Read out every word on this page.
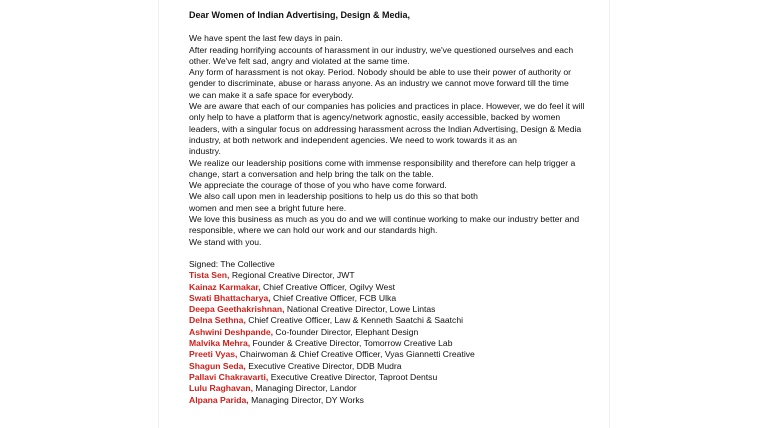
Dear Women of Indian Advertising, Design & Media,
We have spent the last few days in pain.
After reading horrifying accounts of harassment in our industry, we've questioned ourselves and each
other. We've felt sad, angry and violated at the same time.
Any form of harassment is not okay. Period. Nobody should be able to use their power of authority or
gender to discriminate, abuse or harass anyone. As an industry we cannot move forward till the time
we can make it a safe space for everybody.
We are aware that each of our companies has policies and practices in place. However, we do feel it will
only help to have a platform that is agency/network agnostic, easily accessible, backed by women
leaders, with a singular focus on addressing harassment across the Indian Advertising, Design & Media
industry, at both network and independent agencies. We need to work towards it as an
industry.
We realize our leadership positions come with immense responsibility and therefore can help trigger a
change, start a conversation and help bring the talk on the table.
We appreciate the courage of those of you who have come forward.
We also call upon men in leadership positions to help us do this so that both
women and men see a bright future here.
We love this business as much as you do and we will continue working to make our industry better and
responsible, where we can hold our work and our standards high.
We stand with you.
Signed: The Collective
Tista Sen, Regional Creative Director, JWT
Kainaz Karmakar, Chief Creative Officer, Ogilvy West
Swati Bhattacharya, Chief Creative Officer, FCB Ulka
Deepa Geethakrishnan, National Creative Director, Lowe Lintas
Delna Sethna, Chief Creative Officer, Law & Kenneth Saatchi & Saatchi
Ashwini Deshpande, Co-founder Director, Elephant Design
Malvika Mehra, Founder & Creative Director, Tomorrow Creative Lab
Preeti Vyas, Chairwoman & Chief Creative Officer, Vyas Giannetti Creative
Shagun Seda, Executive Creative Director, DDB Mudra
Pallavi Chakravarti, Executive Creative Director, Taproot Dentsu
Lulu Raghavan, Managing Director, Landor
Alpana Parida, Managing Director, DY Works
